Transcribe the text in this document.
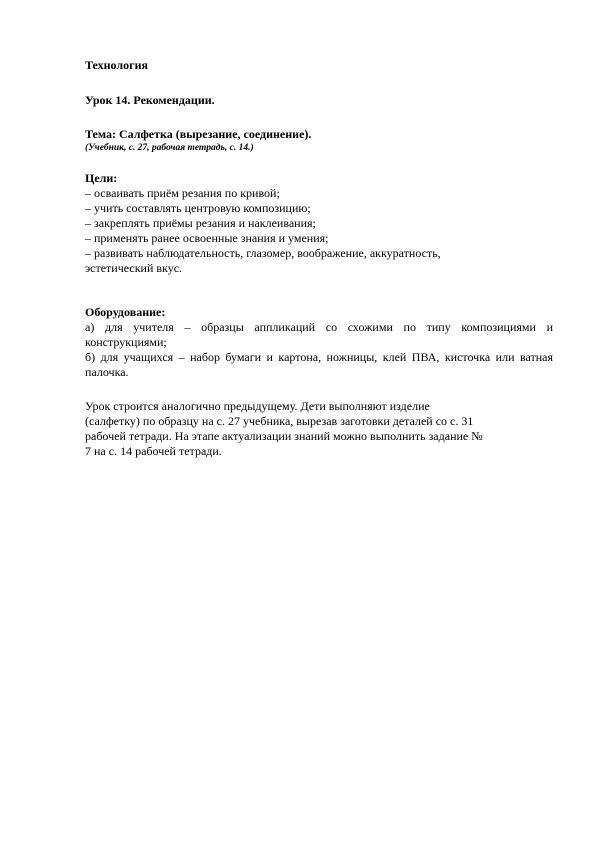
Технология
Урок 14. Рекомендации.
Тема: Салфетка (вырезание, соединение).
(Учебник, с. 27, рабочая тетрадь, с. 14.)
Цели:
– осваивать приём резания по кривой;
– учить составлять центровую композицию;
– закреплять приёмы резания и наклеивания;
– применять ранее освоенные знания и умения;
– развивать наблюдательность, глазомер, воображение, аккуратность,
эстетический вкус.
Оборудование:
а) для учителя – образцы аппликаций со схожими по типу композициями и конструкциями;
б) для учащихся – набор бумаги и картона, ножницы, клей ПВА, кисточка или ватная палочка.
Урок строится аналогично предыдущему. Дети выполняют изделие
(салфетку) по образцу на с. 27 учебника, вырезав заготовки деталей со с. 31
рабочей тетради. На этапе актуализации знаний можно выполнить задание №
7 на с. 14 рабочей тетради.
